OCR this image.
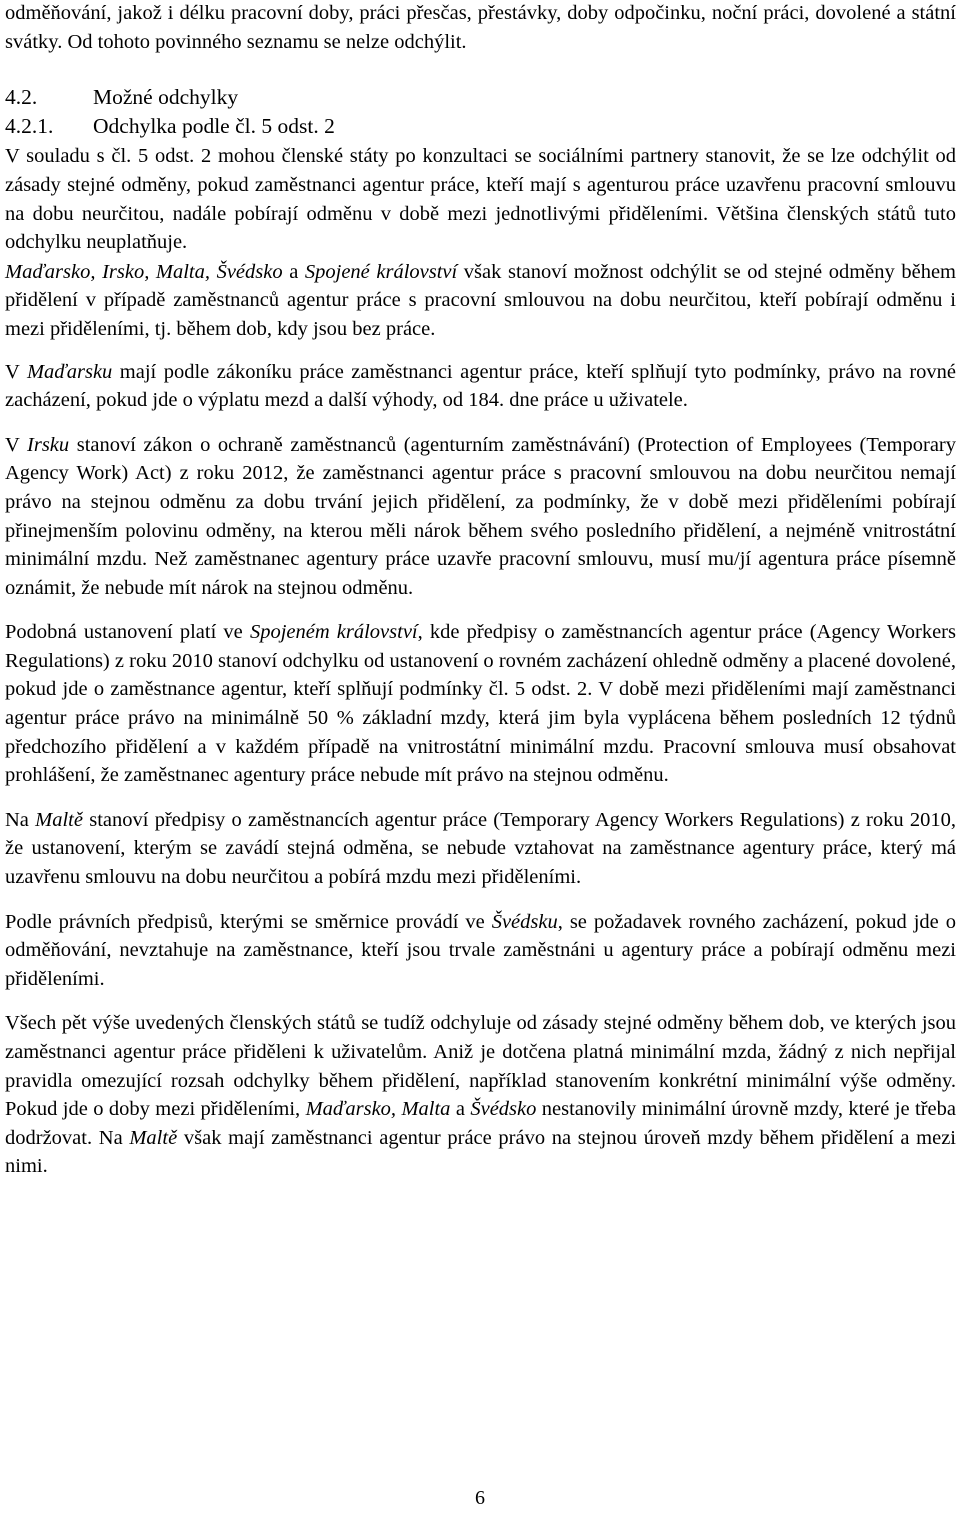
odměňování, jakož i délku pracovní doby, práci přesčas, přestávky, doby odpočinku, noční práci, dovolené a státní svátky. Od tohoto povinného seznamu se nelze odchýlit.

4.2.	Možné odchylky

4.2.1. Odchylka podle čl. 5 odst. 2

V souladu s čl. 5 odst. 2 mohou členské státy po konzultaci se sociálními partnery stanovit, že se lze odchýlit od zásady stejné odměny, pokud zaměstnanci agentur práce, kteří mají s agenturou práce uzavřenu pracovní smlouvu na dobu neurčitou, nadále pobírají odměnu v době mezi jednotlivými přiděleními. Většina členských států tuto odchylku neuplatňuje.

Maďarsko, Irsko, Malta, Švédsko a Spojené království však stanoví možnost odchýlit se od stejné odměny během přidělení v případě zaměstnanců agentur práce s pracovní smlouvou na dobu neurčitou, kteří pobírají odměnu i mezi přiděleními, tj. během dob, kdy jsou bez práce.

V Maďarsku mají podle zákoníku práce zaměstnanci agentur práce, kteří splňují tyto podmínky, právo na rovné zacházení, pokud jde o výplatu mezd a další výhody, od 184. dne práce u uživatele.

V Irsku stanoví zákon o ochraně zaměstnanců (agenturním zaměstnávání) (Protection of Employees (Temporary Agency Work) Act) z roku 2012, že zaměstnanci agentur práce s pracovní smlouvou na dobu neurčitou nemají právo na stejnou odměnu za dobu trvání jejich přidělení, za podmínky, že v době mezi přiděleními pobírají přinejmenším polovinu odměny, na kterou měli nárok během svého posledního přidělení, a nejméně vnitrostátní minimální mzdu. Než zaměstnanec agentury práce uzavře pracovní smlouvu, musí mu/jí agentura práce písemně oznámit, že nebude mít nárok na stejnou odměnu.

Podobná ustanovení platí ve Spojeném království, kde předpisy o zaměstnancích agentur práce (Agency Workers Regulations) z roku 2010 stanoví odchylku od ustanovení o rovném zacházení ohledně odměny a placené dovolené, pokud jde o zaměstnance agentur, kteří splňují podmínky čl. 5 odst. 2. V době mezi přiděleními mají zaměstnanci agentur práce právo na minimálně 50 % základní mzdy, která jim byla vyplácena během posledních 12 týdnů předchozího přidělení a v každém případě na vnitrostátní minimální mzdu. Pracovní smlouva musí obsahovat prohlášení, že zaměstnanec agentury práce nebude mít právo na stejnou odměnu.

Na Maltě stanoví předpisy o zaměstnancích agentur práce (Temporary Agency Workers Regulations) z roku 2010, že ustanovení, kterým se zavádí stejná odměna, se nebude vztahovat na zaměstnance agentury práce, který má uzavřenu smlouvu na dobu neurčitou a pobírá mzdu mezi přiděleními.

Podle právních předpisů, kterými se směrnice provádí ve Švédsku, se požadavek rovného zacházení, pokud jde o odměňování, nevztahuje na zaměstnance, kteří jsou trvale zaměstnáni u agentury práce a pobírají odměnu mezi přiděleními.

Všech pět výše uvedených členských států se tudíž odchyluje od zásady stejné odměny během dob, ve kterých jsou zaměstnanci agentur práce přiděleni k uživatelům. Aniž je dotčena platná minimální mzda, žádný z nich nepřijal pravidla omezující rozsah odchylky během přidělení, například stanovením konkrétní minimální výše odměny. Pokud jde o doby mezi přiděleními, Maďarsko, Malta a Švédsko nestanovily minimální úrovně mzdy, které je třeba dodržovat. Na Maltě však mají zaměstnanci agentur práce právo na stejnou úroveň mzdy během přidělení a mezi nimi.

6
